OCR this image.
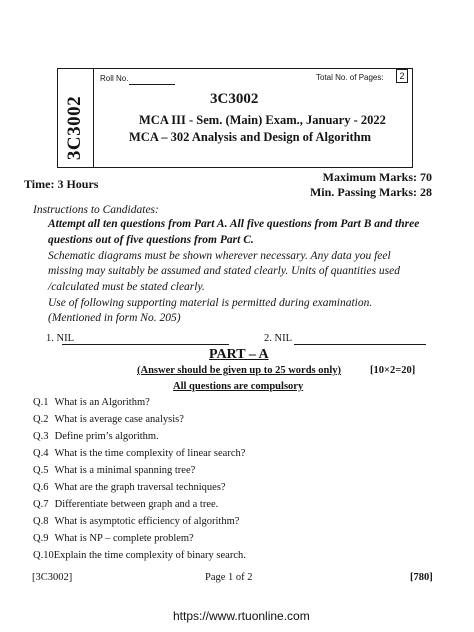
3C3002
Roll No.	Total No. of Pages:	2
3C3002
MCA III - Sem. (Main) Exam., January - 2022
MCA – 302 Analysis and Design of Algorithm
Time: 3 Hours	Maximum Marks: 70
Min. Passing Marks: 28
Instructions to Candidates:
Attempt all ten questions from Part A. All five questions from Part B and three
questions out of five questions from Part C.
Schematic diagrams must be shown wherever necessary. Any data you feel
missing may suitably be assumed and stated clearly. Units of quantities used
/calculated must be stated clearly.
Use of following supporting material is permitted during examination.
(Mentioned in form No. 205)
1. NIL	2. NIL
PART – A
(Answer should be given up to 25 words only)	[10×2=20]
All questions are compulsory
Q.1 What is an Algorithm?
Q.2 What is average case analysis?
Q.3 Define prim’s algorithm.
Q.4 What is the time complexity of linear search?
Q.5 What is a minimal spanning tree?
Q.6 What are the graph traversal techniques?
Q.7 Differentiate between graph and a tree.
Q.8 What is asymptotic efficiency of algorithm?
Q.9 What is NP – complete problem?
Q.10Explain the time complexity of binary search.
[3C3002]	Page 1 of 2	[780]
https://www.rtuonline.com
